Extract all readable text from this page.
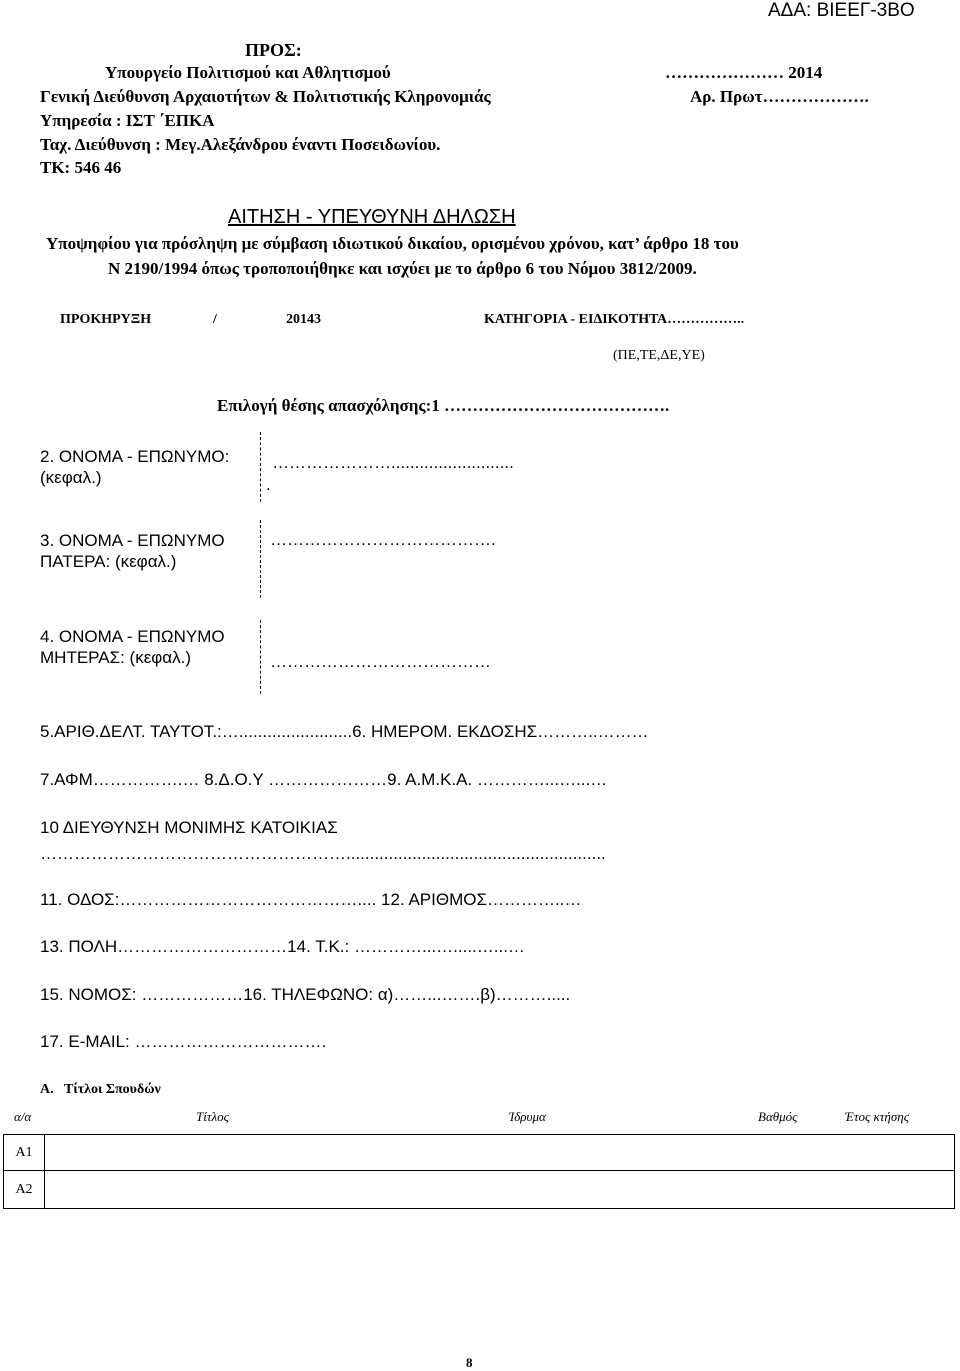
ΑΔΑ: ΒΙΕΕΓ-3ΒΟ
ΠΡΟΣ:
Υπουργείο Πολιτισμού και Αθλητισμού
Γενική Διεύθυνση Αρχαιοτήτων & Πολιτιστικής Κληρονομιάς
Υπηρεσία : ΙΣΤ ΄ΕΠΚΑ
Ταχ. Διεύθυνση : Μεγ.Αλεξάνδρου έναντι Ποσειδωνίου.
ΤΚ: 546 46
………………… 2014
Αρ. Πρωτ……………….
ΑΙΤΗΣΗ - ΥΠΕΥΘΥΝΗ ΔΗΛΩΣΗ
Υποψηφίου για πρόσληψη με σύμβαση ιδιωτικού δικαίου, ορισμένου χρόνου, κατ’ άρθρο 18 του
Ν 2190/1994 όπως τροποποιήθηκε και ισχύει με το άρθρο 6 του Νόμου 3812/2009.
ΠΡΟΚΗΡΥΞΗ	/	20143	ΚΑΤΗΓΟΡΙΑ - ΕΙΔΙΚΟΤΗΤΑ……………..
(ΠΕ,ΤΕ,ΔΕ,ΥΕ)
Επιλογή θέσης απασχόλησης:1 ………………………………….
2. ΟΝΟΜΑ - ΕΠΩΝΥΜΟ: (κεφαλ.)
…………………..........................
.
3. ΟΝΟΜΑ - ΕΠΩΝΥΜΟ ΠΑΤΕΡΑ: (κεφαλ.)
………………………………….
4. ΟΝΟΜΑ - ΕΠΩΝΥΜΟ ΜΗΤΕΡΑΣ: (κεφαλ.)	…………………………………
5.ΑΡΙΘ.ΔΕΛΤ. ΤΑΥΤΟΤ.:…........................6. ΗΜΕΡΟΜ. ΕΚΔΟΣΗΣ………..………
7.ΑΦΜ…………….… 8.Δ.Ο.Υ …………………9. Α.Μ.Κ.Α. …………...…...…
10 ΔΙΕΥΘΥΝΣΗ ΜΟΝΙΜΗΣ ΚΑΤΟΙΚΙΑΣ
……………………………………………….......................................................
11. ΟΔΟΣ:…………………………………….... 12. ΑΡΙΘΜΟΣ…………..…
13. ΠΟΛΗ…………………………14. Τ.Κ.: …………...….....…...…
15. ΝΟΜΟΣ: ………………16. ΤΗΛΕΦΩΝΟ: α)……...…….β)……….....
17. E-MAIL: …………………………….
Α. Τίτλοι Σπουδών
α/α	Τίτλος	Ίδρυμα	Βαθμός	Έτος κτήσης
Α1	
Α2	
8
